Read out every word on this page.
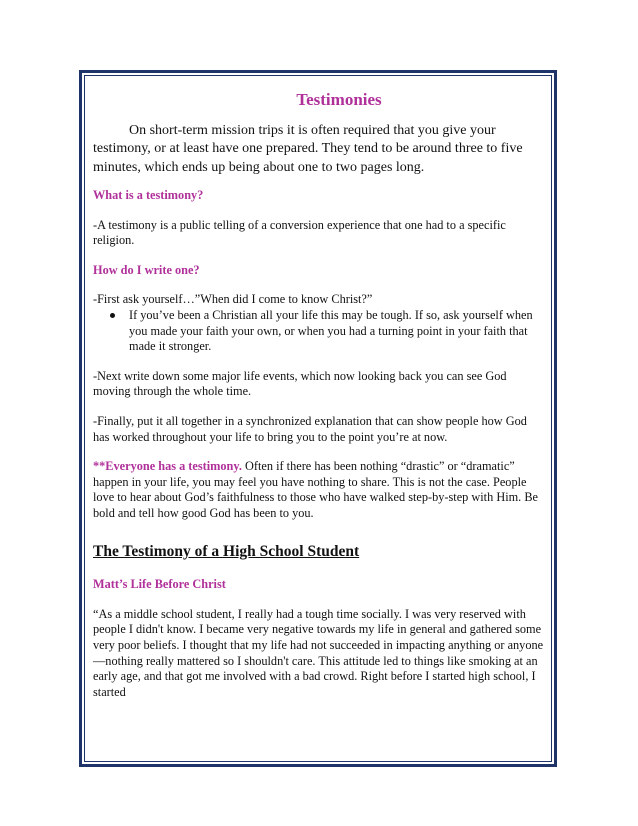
Testimonies

On short-term mission trips it is often required that you give your testimony, or at least have one prepared. They tend to be around three to five minutes, which ends up being about one to two pages long.

What is a testimony?

-A testimony is a public telling of a conversion experience that one had to a specific religion.

How do I write one?
-First ask yourself…”When did I come to know Christ?”
If you’ve been a Christian all your life this may be tough. If so, ask yourself when you made your faith your own, or when you had a turning point in your faith that made it stronger.

-Next write down some major life events, which now looking back you can see God moving through the whole time.

-Finally, put it all together in a synchronized explanation that can show people how God has worked throughout your life to bring you to the point you’re at now.

**Everyone has a testimony. Often if there has been nothing “drastic” or “dramatic” happen in your life, you may feel you have nothing to share. This is not the case. People love to hear about God’s faithfulness to those who have walked step-by-step with Him. Be bold and tell how good God has been to you.

The Testimony of a High School Student
Matt’s Life Before Christ

“As a middle school student, I really had a tough time socially. I was very reserved with people I didn't know. I became very negative towards my life in general and gathered some very poor beliefs. I thought that my life had not succeeded in impacting anything or anyone—nothing really mattered so I shouldn't care. This attitude led to things like smoking at an early age, and that got me involved with a bad crowd. Right before I started high school, I started
